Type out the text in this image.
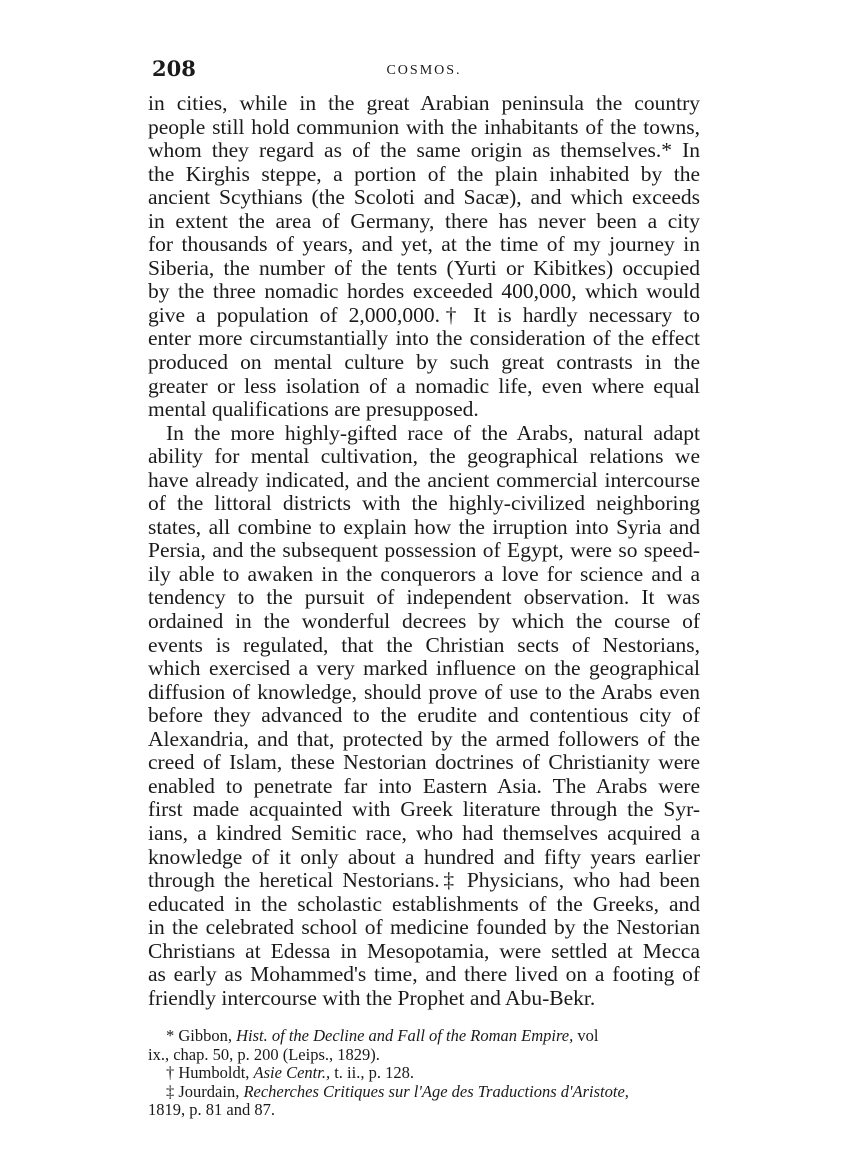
208	COSMOS.
in cities, while in the great Arabian peninsula the country
people still hold communion with the inhabitants of the towns,
whom they regard as of the same origin as themselves.* In
the Kirghis steppe, a portion of the plain inhabited by the
ancient Scythians (the Scoloti and Sacæ), and which exceeds
in extent the area of Germany, there has never been a city
for thousands of years, and yet, at the time of my journey in
Siberia, the number of the tents (Yurti or Kibitkes) occupied
by the three nomadic hordes exceeded 400,000, which would
give a population of 2,000,000.† It is hardly necessary to
enter more circumstantially into the consideration of the effect
produced on mental culture by such great contrasts in the
greater or less isolation of a nomadic life, even where equal
mental qualifications are presupposed.
In the more highly-gifted race of the Arabs, natural adapt
ability for mental cultivation, the geographical relations we
have already indicated, and the ancient commercial intercourse
of the littoral districts with the highly-civilized neighboring
states, all combine to explain how the irruption into Syria and
Persia, and the subsequent possession of Egypt, were so speed-
ily able to awaken in the conquerors a love for science and a
tendency to the pursuit of independent observation. It was
ordained in the wonderful decrees by which the course of
events is regulated, that the Christian sects of Nestorians,
which exercised a very marked influence on the geographical
diffusion of knowledge, should prove of use to the Arabs even
before they advanced to the erudite and contentious city of
Alexandria, and that, protected by the armed followers of the
creed of Islam, these Nestorian doctrines of Christianity were
enabled to penetrate far into Eastern Asia. The Arabs were
first made acquainted with Greek literature through the Syr-
ians, a kindred Semitic race, who had themselves acquired a
knowledge of it only about a hundred and fifty years earlier
through the heretical Nestorians.‡ Physicians, who had been
educated in the scholastic establishments of the Greeks, and
in the celebrated school of medicine founded by the Nestorian
Christians at Edessa in Mesopotamia, were settled at Mecca
as early as Mohammed's time, and there lived on a footing of
friendly intercourse with the Prophet and Abu-Bekr.
* Gibbon, Hist. of the Decline and Fall of the Roman Empire, vol
ix., chap. 50, p. 200 (Leips., 1829).
† Humboldt, Asie Centr., t. ii., p. 128.
‡ Jourdain, Recherches Critiques sur l'Age des Traductions d'Aristote,
1819, p. 81 and 87.
